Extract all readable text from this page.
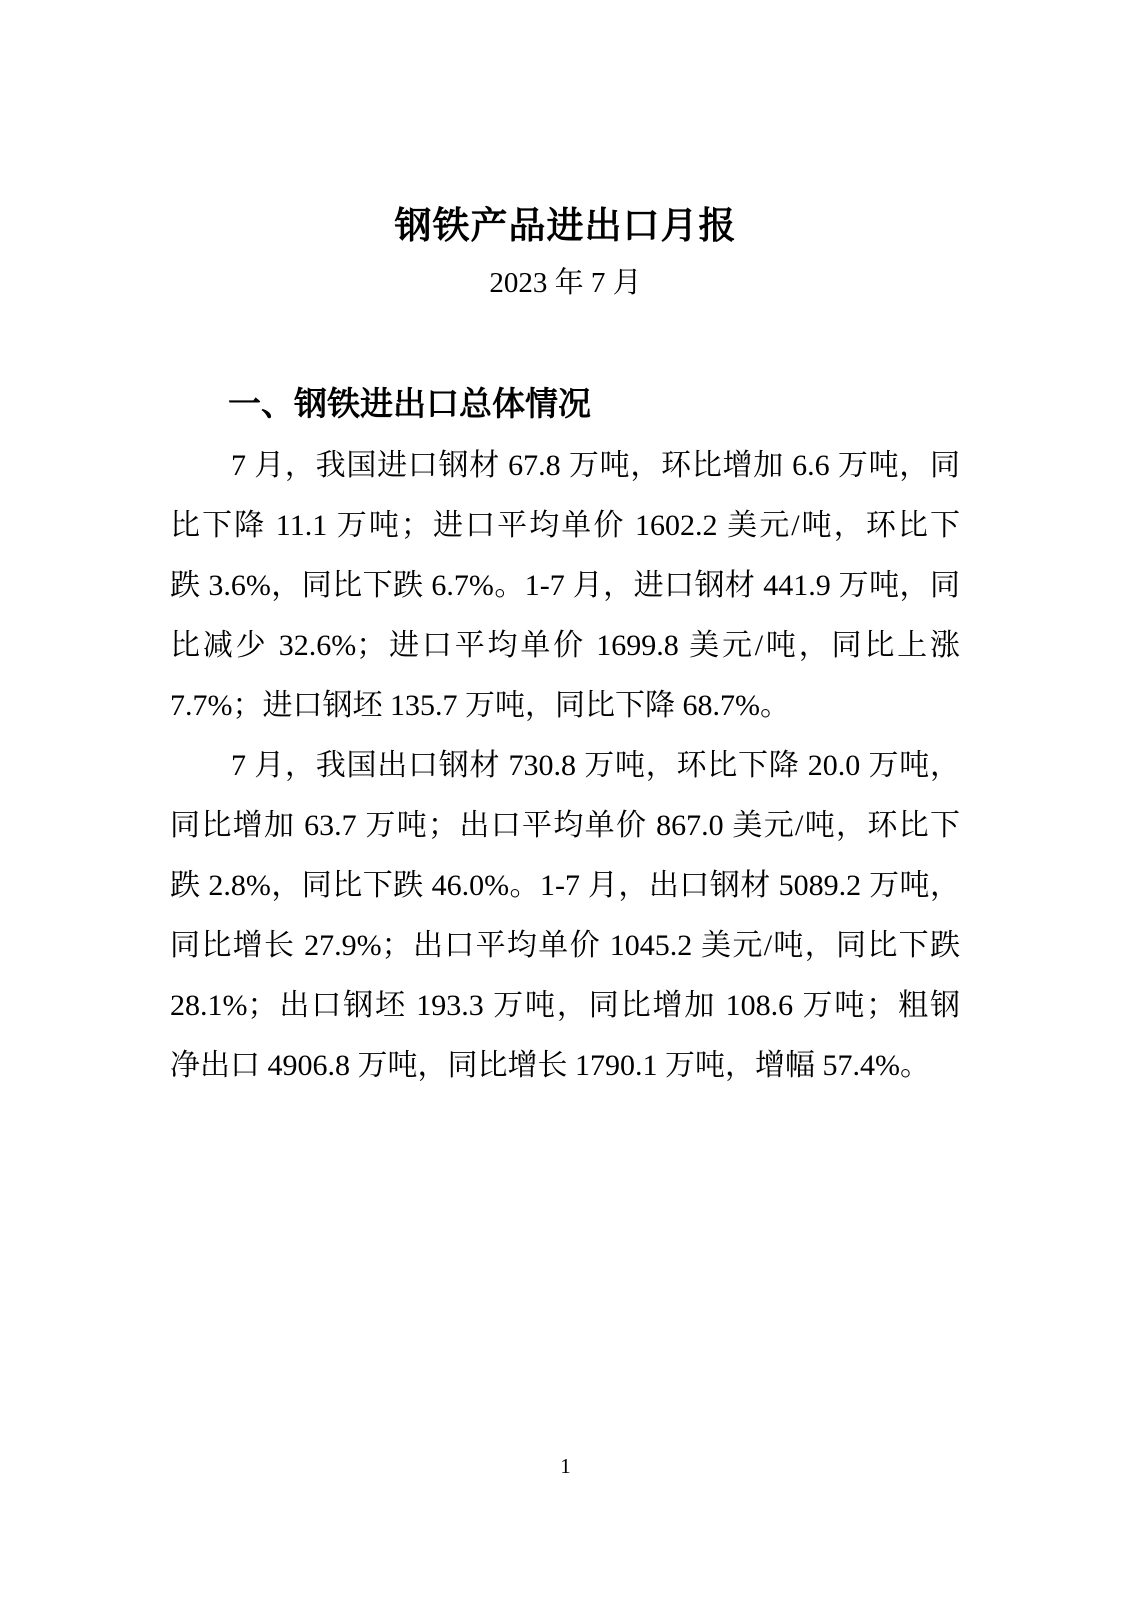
钢铁产品进出口月报
2023 年 7 月
一、钢铁进出口总体情况
7 月，我国进口钢材 67.8 万吨，环比增加 6.6 万吨，同
比下降 11.1 万吨；进口平均单价 1602.2 美元/吨，环比下
跌 3.6%，同比下跌 6.7%。1-7 月，进口钢材 441.9 万吨，同
比减少 32.6%；进口平均单价 1699.8 美元/吨，同比上涨
7.7%；进口钢坯 135.7 万吨，同比下降 68.7%。
7 月，我国出口钢材 730.8 万吨，环比下降 20.0 万吨，
同比增加 63.7 万吨；出口平均单价 867.0 美元/吨，环比下
跌 2.8%，同比下跌 46.0%。1-7 月，出口钢材 5089.2 万吨，
同比增长 27.9%；出口平均单价 1045.2 美元/吨，同比下跌
28.1%；出口钢坯 193.3 万吨，同比增加 108.6 万吨；粗钢
净出口 4906.8 万吨，同比增长 1790.1 万吨，增幅 57.4%。
1
